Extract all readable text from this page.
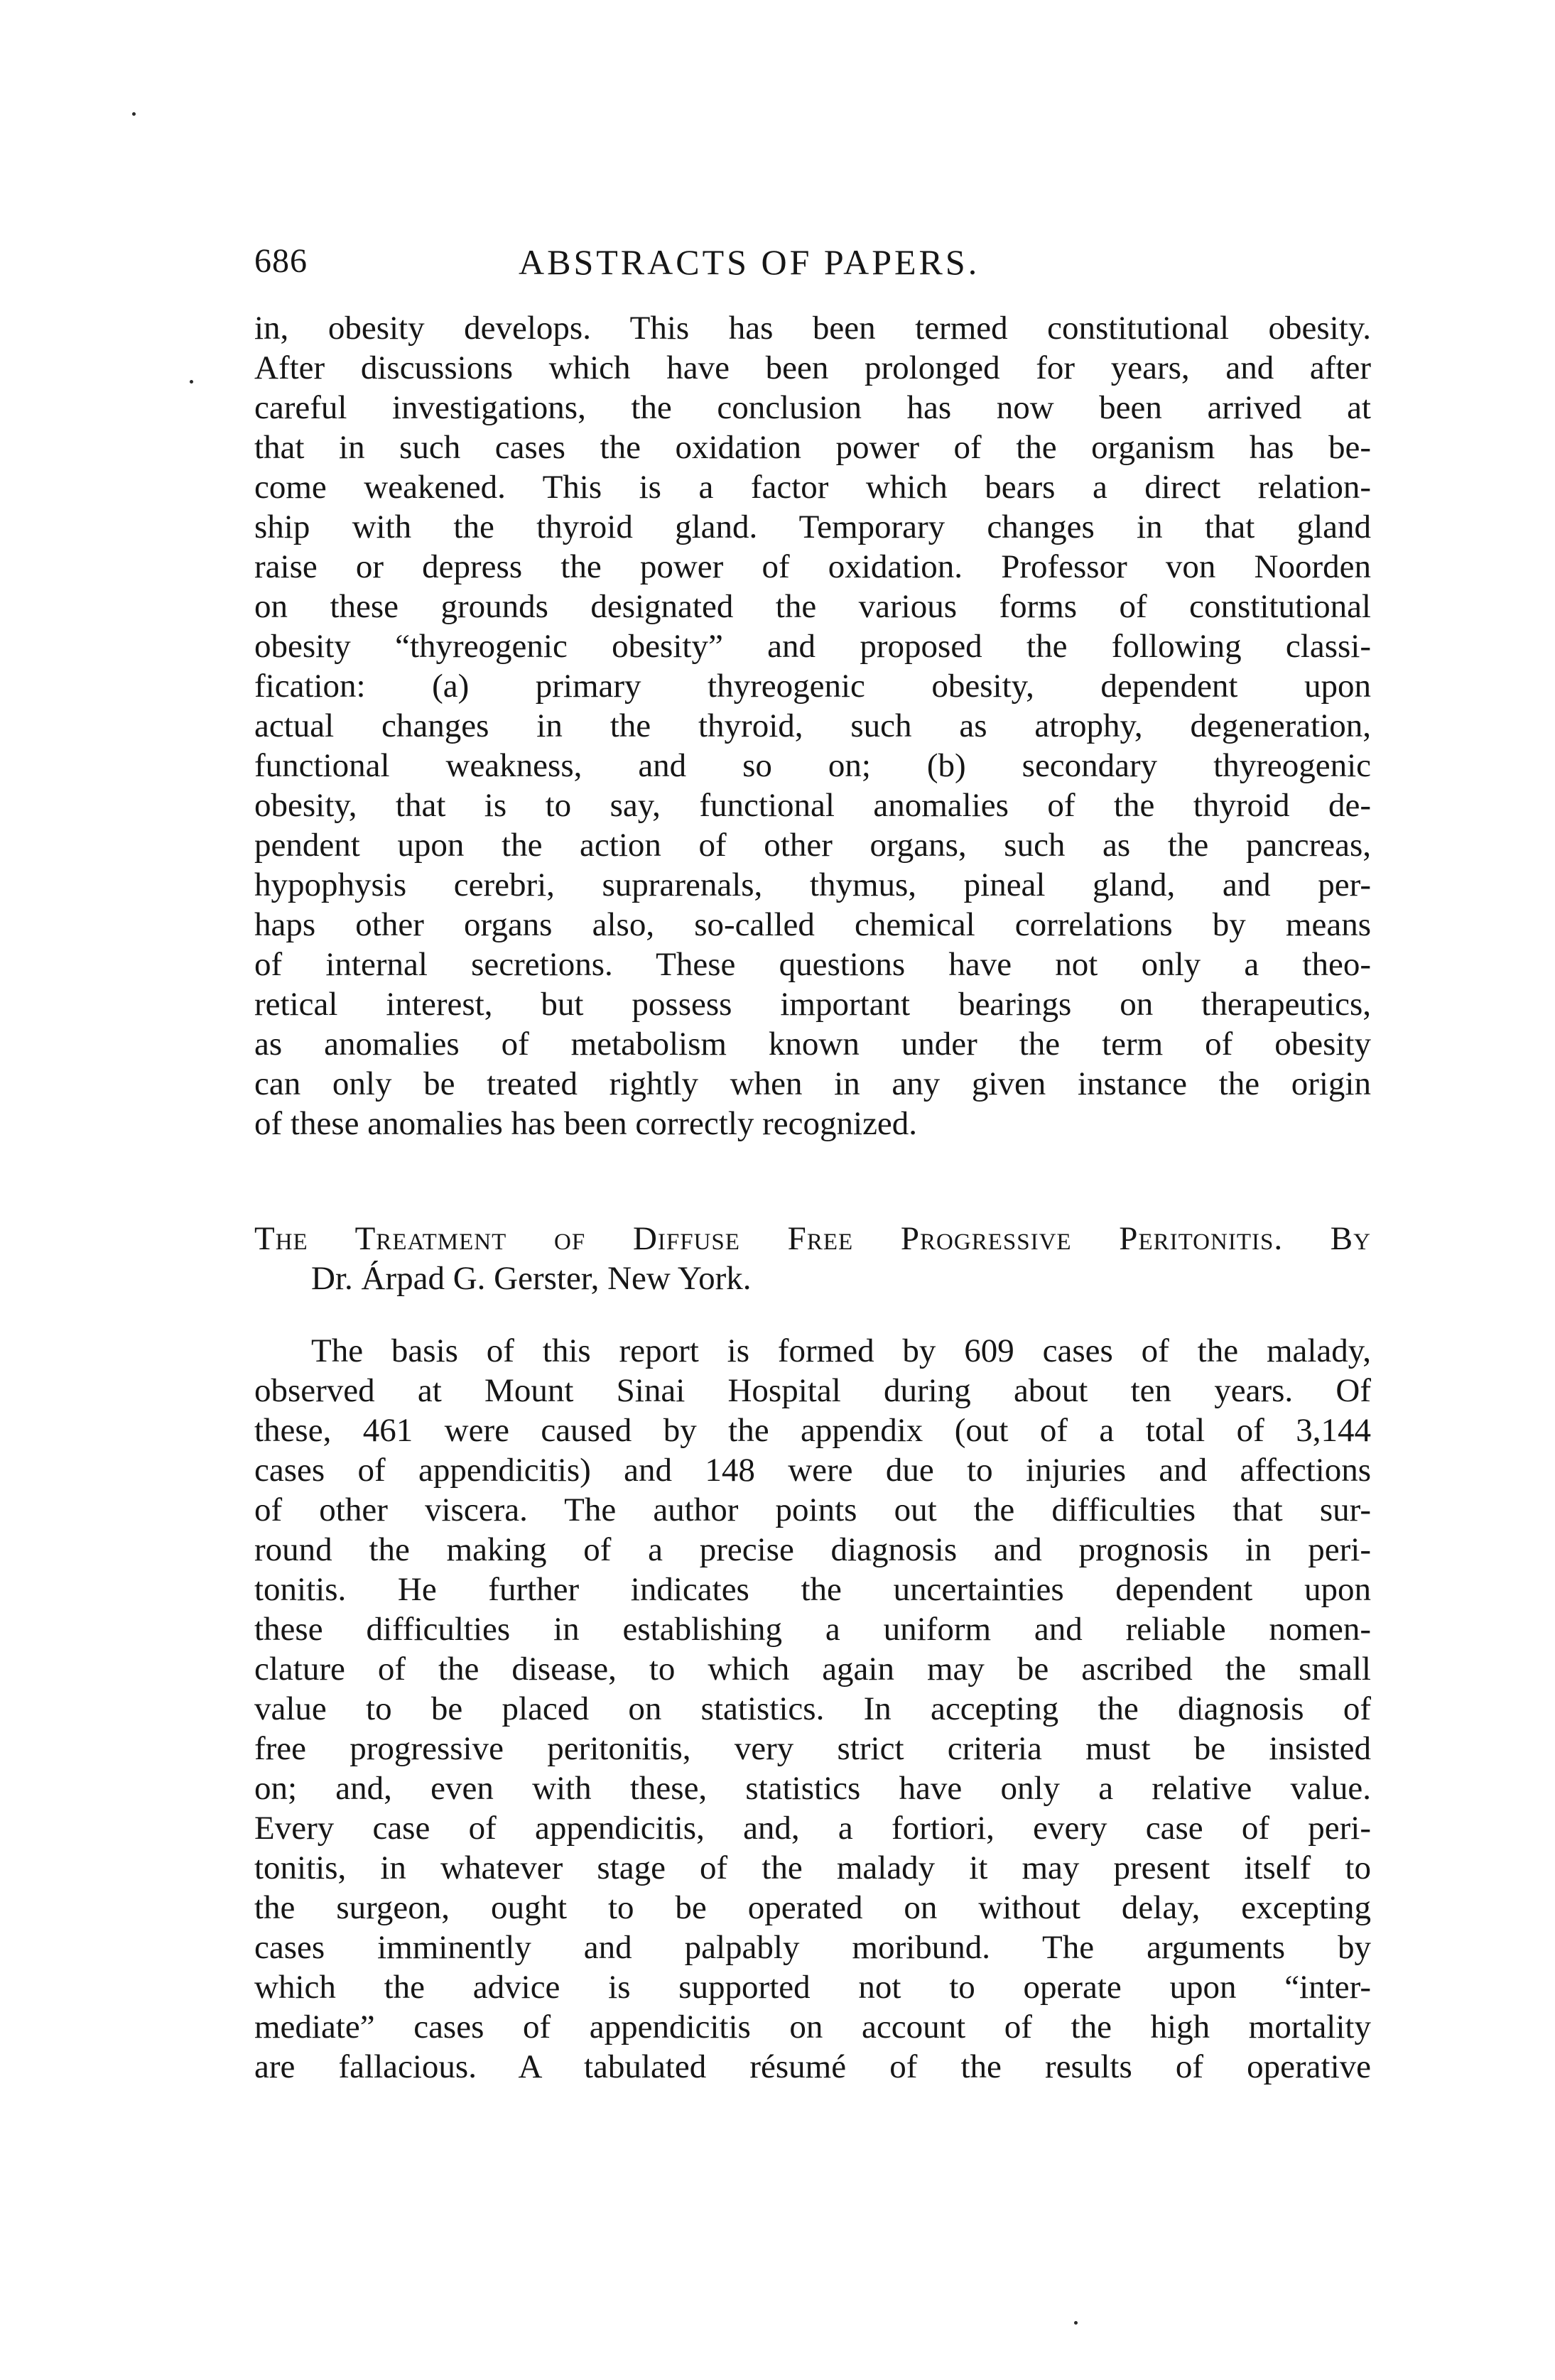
686	ABSTRACTS OF PAPERS.
in, obesity develops. This has been termed constitutional obesity.
After discussions which have been prolonged for years, and after
careful investigations, the conclusion has now been arrived at
that in such cases the oxidation power of the organism has be-
come weakened. This is a factor which bears a direct relation-
ship with the thyroid gland. Temporary changes in that gland
raise or depress the power of oxidation. Professor von Noorden
on these grounds designated the various forms of constitutional
obesity “thyreogenic obesity” and proposed the following classi-
fication: (a) primary thyreogenic obesity, dependent upon
actual changes in the thyroid, such as atrophy, degeneration,
functional weakness, and so on; (b) secondary thyreogenic
obesity, that is to say, functional anomalies of the thyroid de-
pendent upon the action of other organs, such as the pancreas,
hypophysis cerebri, suprarenals, thymus, pineal gland, and per-
haps other organs also, so-called chemical correlations by means
of internal secretions. These questions have not only a theo-
retical interest, but possess important bearings on therapeutics,
as anomalies of metabolism known under the term of obesity
can only be treated rightly when in any given instance the origin
of these anomalies has been correctly recognized.
The Treatment of Diffuse Free Progressive Peritonitis. By
Dr. Árpad G. Gerster, New York.
The basis of this report is formed by 609 cases of the malady,
observed at Mount Sinai Hospital during about ten years. Of
these, 461 were caused by the appendix (out of a total of 3,144
cases of appendicitis) and 148 were due to injuries and affections
of other viscera. The author points out the difficulties that sur-
round the making of a precise diagnosis and prognosis in peri-
tonitis. He further indicates the uncertainties dependent upon
these difficulties in establishing a uniform and reliable nomen-
clature of the disease, to which again may be ascribed the small
value to be placed on statistics. In accepting the diagnosis of
free progressive peritonitis, very strict criteria must be insisted
on; and, even with these, statistics have only a relative value.
Every case of appendicitis, and, a fortiori, every case of peri-
tonitis, in whatever stage of the malady it may present itself to
the surgeon, ought to be operated on without delay, excepting
cases imminently and palpably moribund. The arguments by
which the advice is supported not to operate upon “inter-
mediate” cases of appendicitis on account of the high mortality
are fallacious. A tabulated résumé of the results of operative
